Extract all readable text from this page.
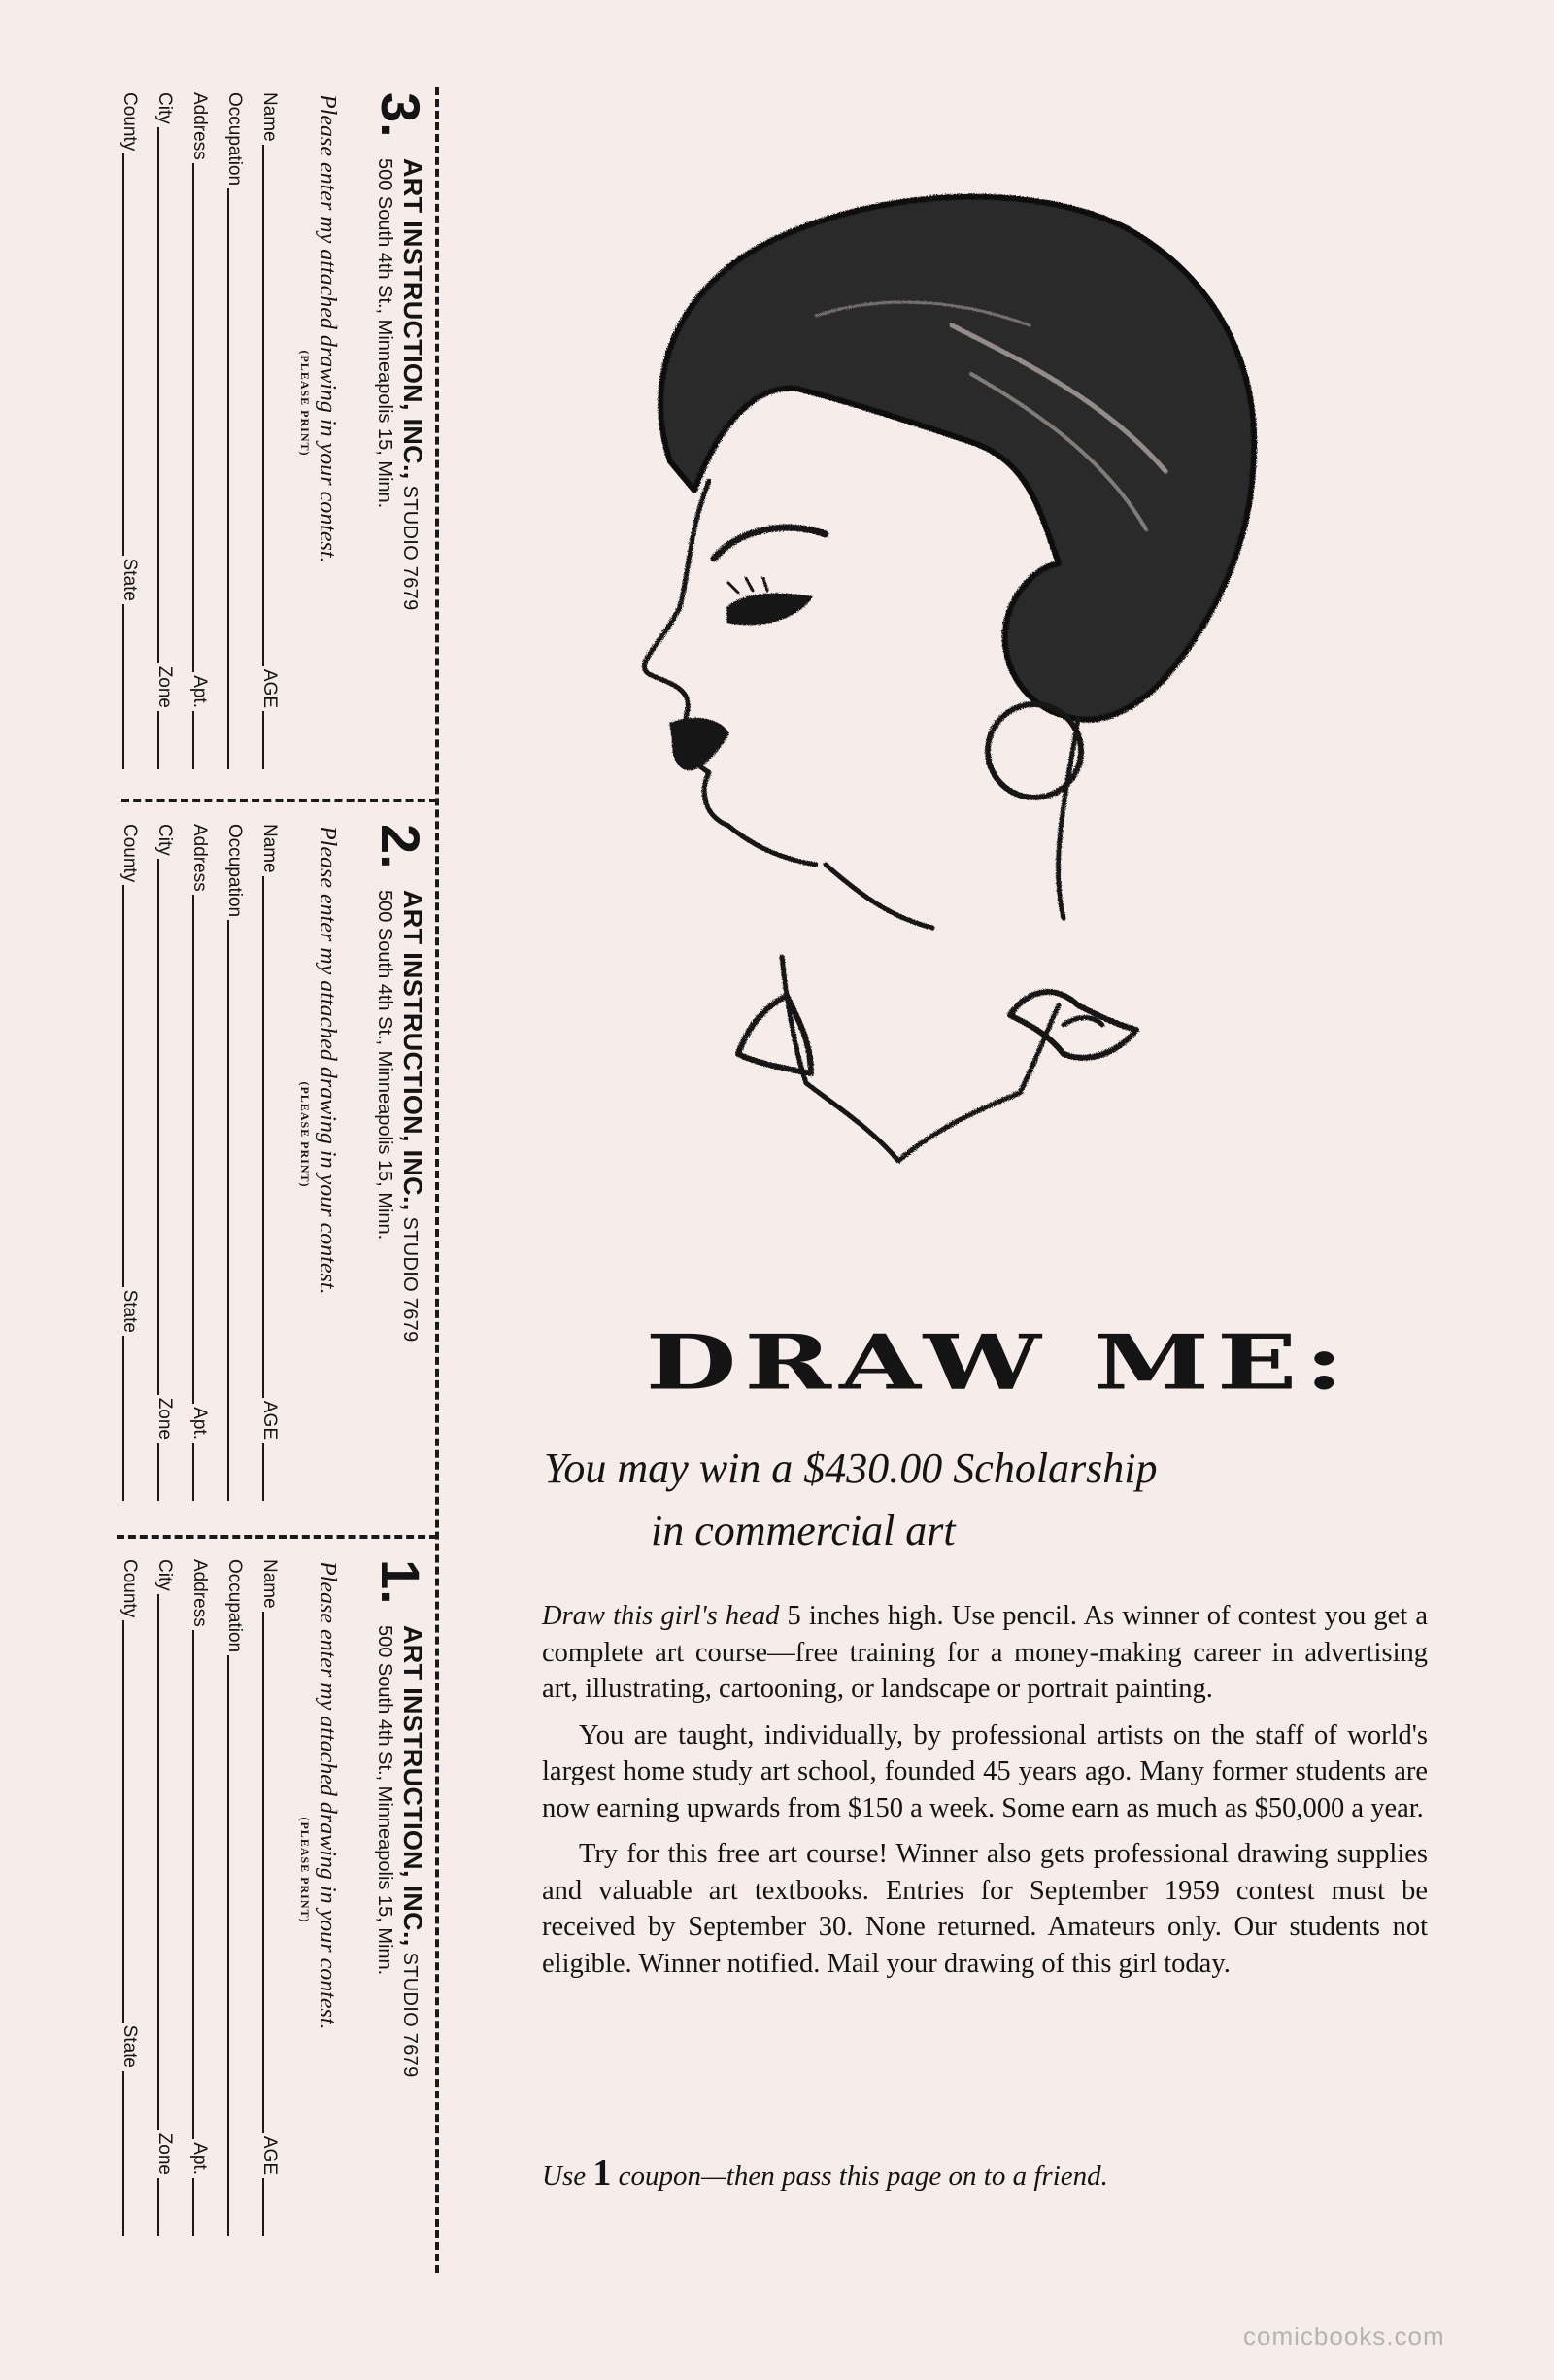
3.
ART INSTRUCTION, INC.,STUDIO 7679
500 South 4th St., Minneapolis 15, Minn.
Please enter my attached drawing in your contest.
(PLEASE PRINT)
Name
AGE
Occupation
Address
Apt.
City
Zone
County
State
2.
ART INSTRUCTION, INC.,STUDIO 7679
500 South 4th St., Minneapolis 15, Minn.
Please enter my attached drawing in your contest.
(PLEASE PRINT)
Name
AGE
Occupation
Address
Apt.
City
Zone
County
State
1.
ART INSTRUCTION, INC.,STUDIO 7679
500 South 4th St., Minneapolis 15, Minn.
Please enter my attached drawing in your contest.
(PLEASE PRINT)
Name
AGE
Occupation
Address
Apt.
City
Zone
County
State
DRAW ME:
You may win a $430.00 Scholarship
in commercial art

Draw this girl's head 5 inches high. Use pencil. As winner of contest you get a complete art course—free training for a money-making career in advertising art, illustrating, cartooning, or landscape or portrait painting.

You are taught, individually, by professional artists on the staff of world's largest home study art school, founded 45 years ago. Many former students are now earning upwards from $150 a week. Some earn as much as $50,000 a year.

Try for this free art course! Winner also gets professional drawing supplies and valuable art textbooks. Entries for September 1959 contest must be received by September 30. None returned. Amateurs only. Our students not eligible. Winner notified. Mail your drawing of this girl today.

Use 1 coupon—then pass this page on to a friend.
comicbooks.com
